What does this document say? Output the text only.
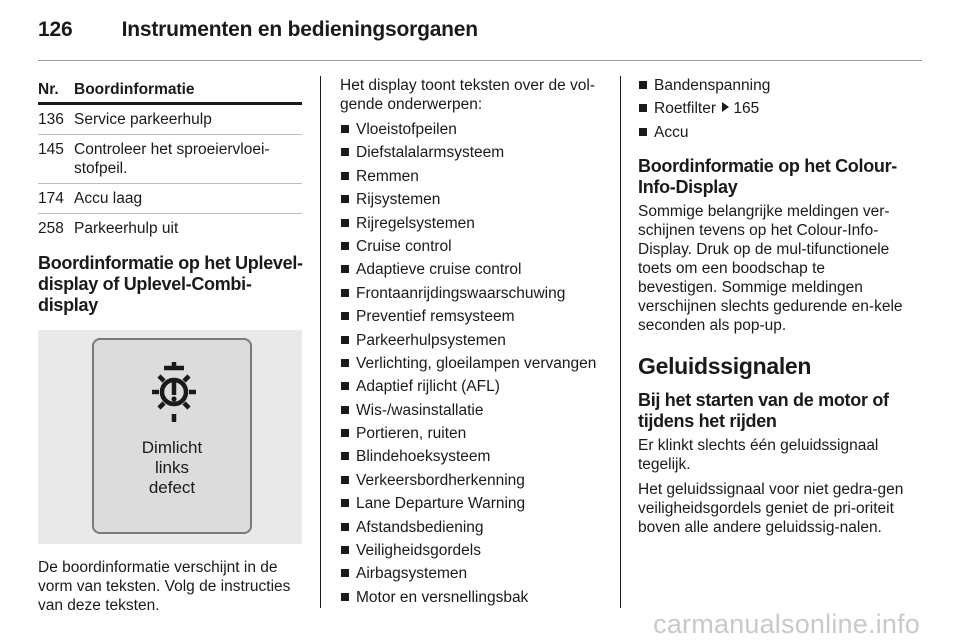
126 Instrumenten en bedieningsorganen
Nr.	Boordinformatie
136	Service parkeerhulp
145	Controleer het sproeiervloei-stofpeil.
174	Accu laag
258	Parkeerhulp uit
Boordinformatie op het Uplevel-display of Uplevel-Combi-display
Dimlicht
links
defect

De boordinformatie verschijnt in de vorm van teksten. Volg de instructies van deze teksten.

Het display toont teksten over de vol-gende onderwerpen:

Vloeistofpeilen
Diefstalalarmsysteem
Remmen
Rijsystemen
Rijregelsystemen
Cruise control
Adaptieve cruise control
Frontaanrijdingswaarschuwing
Preventief remsysteem
Parkeerhulpsystemen
Verlichting, gloeilampen vervangen
Adaptief rijlicht (AFL)
Wis-/wasinstallatie
Portieren, ruiten
Blindehoeksysteem
Verkeersbordherkenning
Lane Departure Warning
Afstandsbediening
Veiligheidsgordels
Airbagsystemen
Motor en versnellingsbak
Bandenspanning
Roetfilter 165
Accu
Boordinformatie op het Colour-Info-Display

Sommige belangrijke meldingen ver-schijnen tevens op het Colour-Info-Display. Druk op de mul-tifunctionele toets om een boodschap te bevestigen. Sommige meldingen verschijnen slechts gedurende en-kele seconden als pop-up.

Geluidssignalen
Bij het starten van de motor of tijdens het rijden

Er klinkt slechts één geluidssignaal tegelijk.

Het geluidssignaal voor niet gedra-gen veiligheidsgordels geniet de pri-oriteit boven alle andere geluidssig-nalen.

carmanualsonline.info
